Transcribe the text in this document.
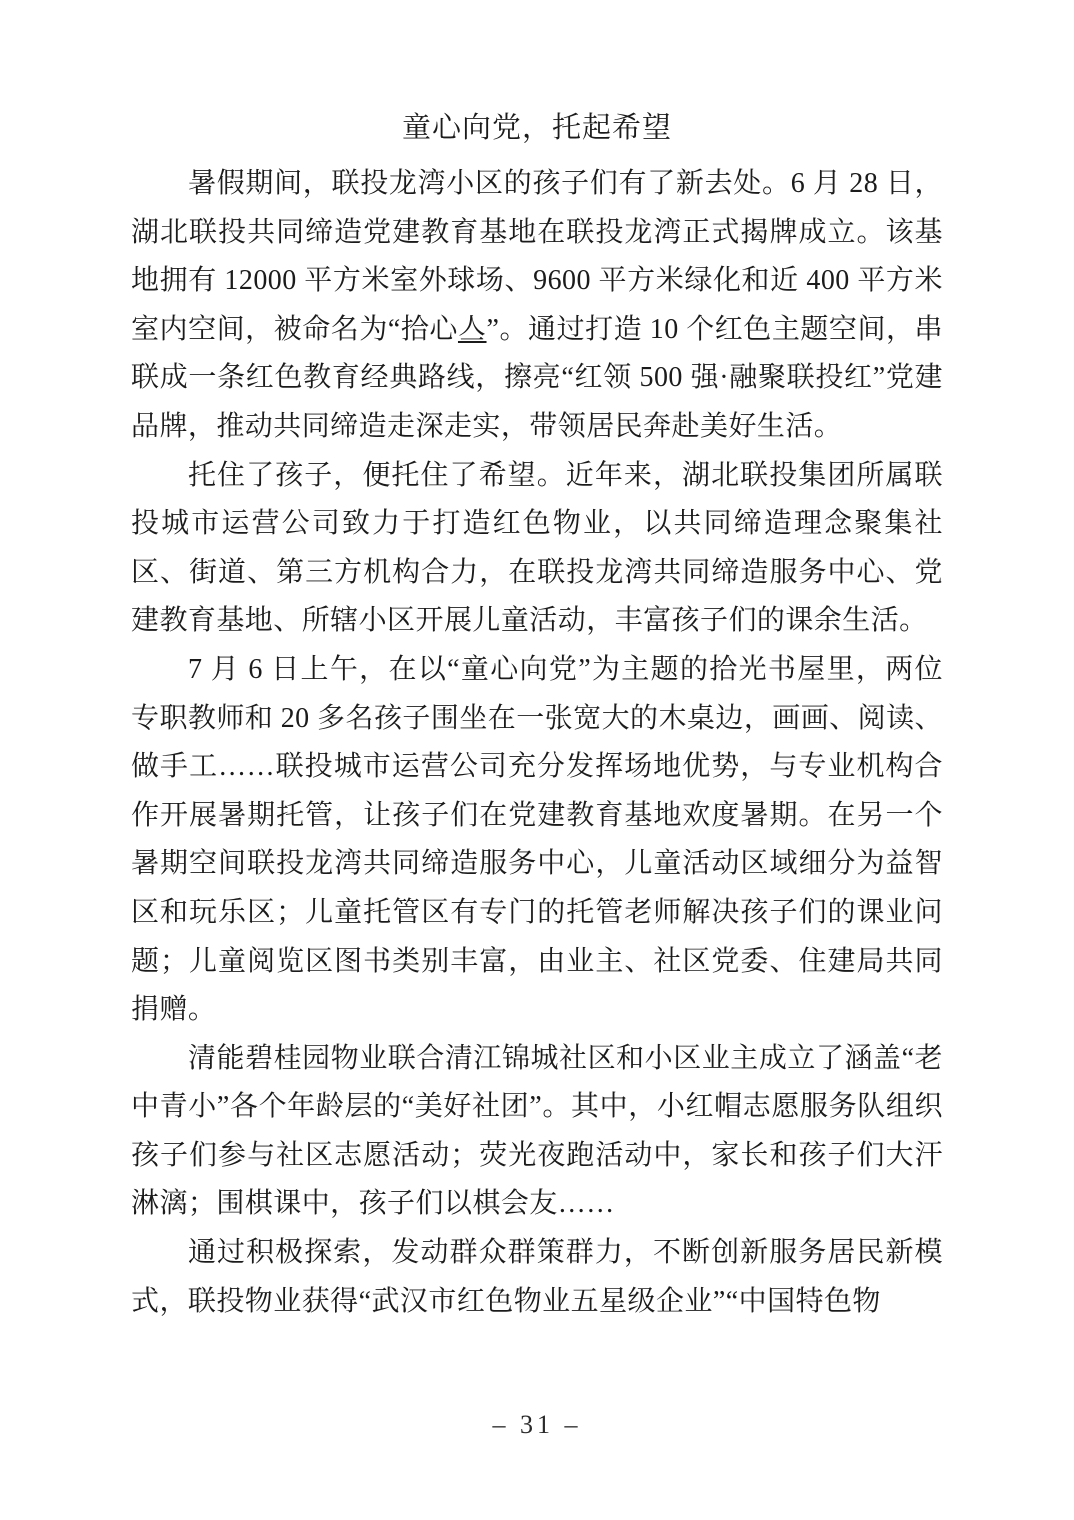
童心向党，托起希望

暑假期间，联投龙湾小区的孩子们有了新去处。6 月 28 日，湖北联投共同缔造党建教育基地在联投龙湾正式揭牌成立。该基地拥有 12000 平方米室外球场、9600 平方米绿化和近 400 平方米室内空间，被命名为“拾心亼”。通过打造 10 个红色主题空间，串联成一条红色教育经典路线，擦亮“红领 500 强·融聚联投红”党建品牌，推动共同缔造走深走实，带领居民奔赴美好生活。

托住了孩子，便托住了希望。近年来，湖北联投集团所属联投城市运营公司致力于打造红色物业，以共同缔造理念聚集社区、街道、第三方机构合力，在联投龙湾共同缔造服务中心、党建教育基地、所辖小区开展儿童活动，丰富孩子们的课余生活。

7 月 6 日上午，在以“童心向党”为主题的拾光书屋里，两位专职教师和 20 多名孩子围坐在一张宽大的木桌边，画画、阅读、做手工……联投城市运营公司充分发挥场地优势，与专业机构合作开展暑期托管，让孩子们在党建教育基地欢度暑期。在另一个暑期空间联投龙湾共同缔造服务中心，儿童活动区域细分为益智区和玩乐区；儿童托管区有专门的托管老师解决孩子们的课业问题；儿童阅览区图书类别丰富，由业主、社区党委、住建局共同捐赠。

清能碧桂园物业联合清江锦城社区和小区业主成立了涵盖“老中青小”各个年龄层的“美好社团”。其中，小红帽志愿服务队组织孩子们参与社区志愿活动；荧光夜跑活动中，家长和孩子们大汗淋漓；围棋课中，孩子们以棋会友……

通过积极探索，发动群众群策群力，不断创新服务居民新模式，联投物业获得“武汉市红色物业五星级企业”“中国特色物

– 31 –
